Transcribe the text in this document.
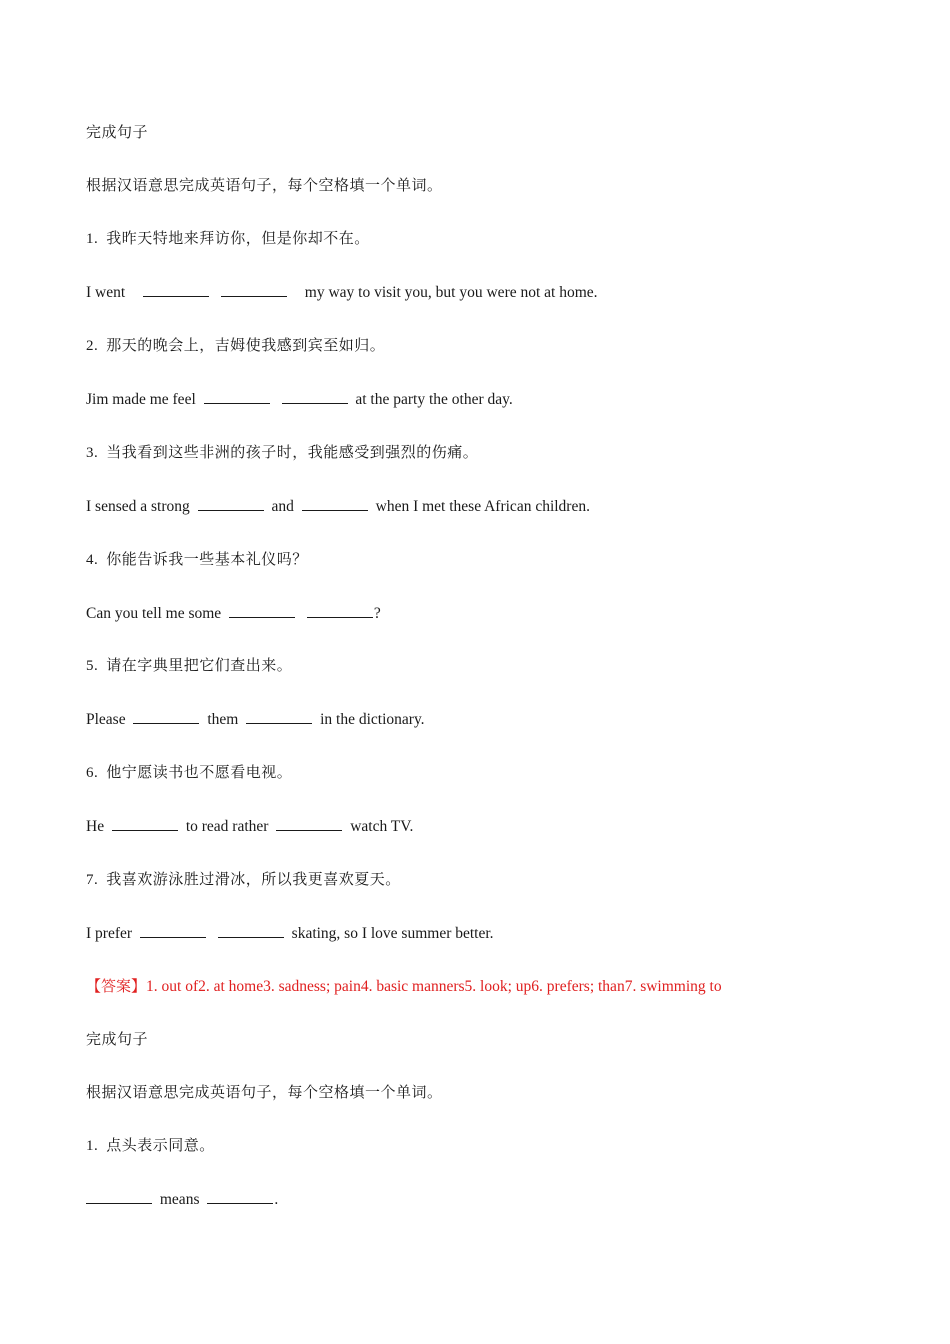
完成句子
根据汉语意思完成英语句子，每个空格填一个单词。
1. 我昨天特地来拜访你，但是你却不在。
I went	my way to visit you, but you were not at home.
2. 那天的晚会上，吉姆使我感到宾至如归。
Jim made me feel	at the party the other day.
3. 当我看到这些非洲的孩子时，我能感受到强烈的伤痛。
I sensed a strong	and	when I met these African children.
4. 你能告诉我一些基本礼仪吗？
Can you tell me some	?
5. 请在字典里把它们查出来。
Please	them	in the dictionary.
6. 他宁愿读书也不愿看电视。
He	to read rather	watch TV.
7. 我喜欢游泳胜过滑冰，所以我更喜欢夏天。
I prefer	skating, so I love summer better.
【答案】1. out of2. at home3. sadness; pain4. basic manners5. look; up6. prefers; than7. swimming to
完成句子
根据汉语意思完成英语句子，每个空格填一个单词。
1. 点头表示同意。
means	.
